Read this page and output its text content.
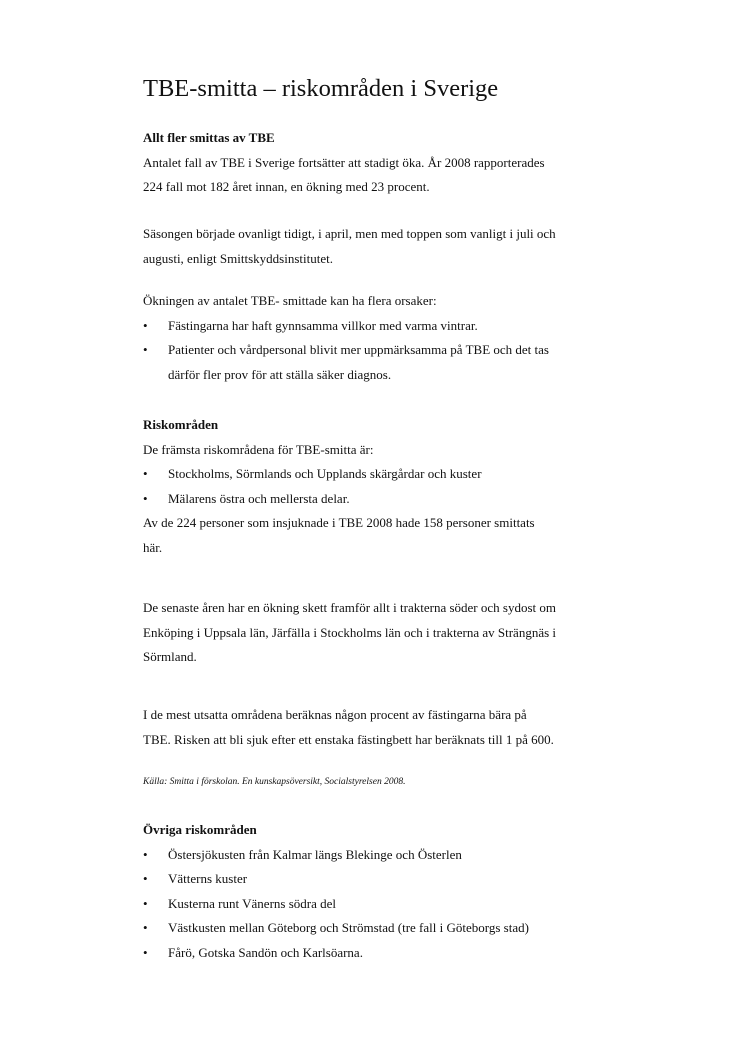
TBE-smitta – riskområden i Sverige

Allt fler smittas av TBE

Antalet fall av TBE i Sverige fortsätter att stadigt öka. År 2008 rapporterades

224 fall mot 182 året innan, en ökning med 23 procent.

Säsongen började ovanligt tidigt, i april, men med toppen som vanligt i juli och

augusti, enligt Smittskyddsinstitutet.

Ökningen av antalet TBE- smittade kan ha flera orsaker:

• Fästingarna har haft gynnsamma villkor med varma vintrar.
• Patienter och vårdpersonal blivit mer uppmärksamma på TBE och det tas
därför fler prov för att ställa säker diagnos.

Riskområden

De främsta riskområdena för TBE-smitta är:

• Stockholms, Sörmlands och Upplands skärgårdar och kuster
• Mälarens östra och mellersta delar.

Av de 224 personer som insjuknade i TBE 2008 hade 158 personer smittats

här.

De senaste åren har en ökning skett framför allt i trakterna söder och sydost om

Enköping i Uppsala län, Järfälla i Stockholms län och i trakterna av Strängnäs i

Sörmland.

I de mest utsatta områdena beräknas någon procent av fästingarna bära på

TBE. Risken att bli sjuk efter ett enstaka fästingbett har beräknats till 1 på 600.

Källa: Smitta i förskolan. En kunskapsöversikt, Socialstyrelsen 2008.

Övriga riskområden

• Östersjökusten från Kalmar längs Blekinge och Österlen
• Vätterns kuster
• Kusterna runt Vänerns södra del
• Västkusten mellan Göteborg och Strömstad (tre fall i Göteborgs stad)
• Fårö, Gotska Sandön och Karlsöarna.
